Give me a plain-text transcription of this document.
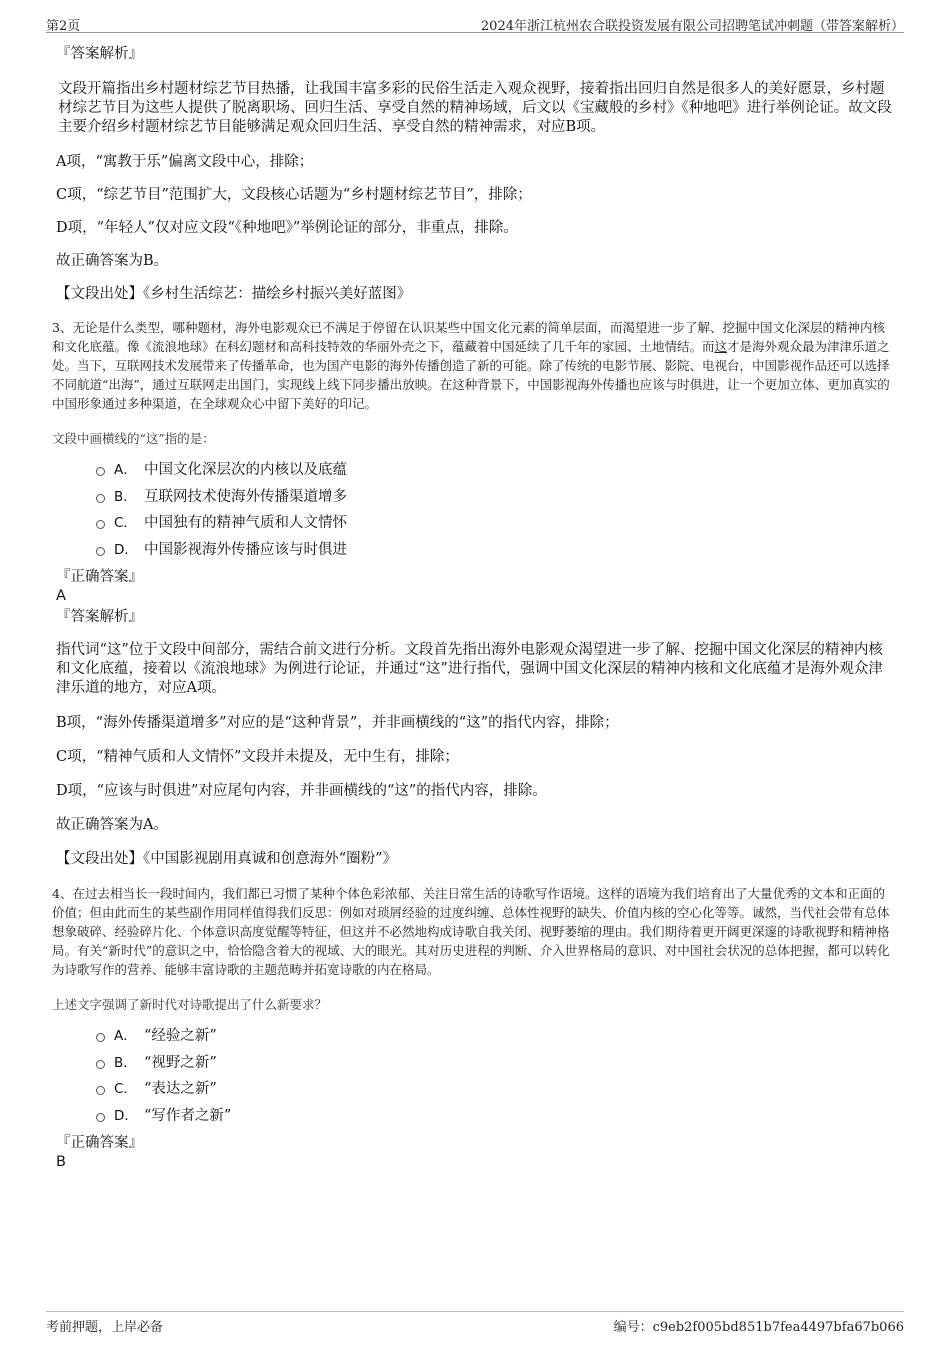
第2页	2024年浙江杭州农合联投资发展有限公司招聘笔试冲刺题（带答案解析）

『答案解析』

文段开篇指出乡村题材综艺节目热播，让我国丰富多彩的民俗生活走入观众视野，接着指出回归自然是很多人的美好愿景，乡村题材综艺节目为这些人提供了脱离职场、回归生活、享受自然的精神场域，后文以《宝藏般的乡村》《种地吧》进行举例论证。故文段主要介绍乡村题材综艺节目能够满足观众回归生活、享受自然的精神需求，对应B项。

A项，“寓教于乐”偏离文段中心，排除；

C项，“综艺节目”范围扩大，文段核心话题为“乡村题材综艺节目”，排除；

D项，“年轻人”仅对应文段“《种地吧》”举例论证的部分，非重点，排除。

故正确答案为B。

【文段出处】《乡村生活综艺：描绘乡村振兴美好蓝图》

3、无论是什么类型，哪种题材，海外电影观众已不满足于停留在认识某些中国文化元素的简单层面，而渴望进一步了解、挖掘中国文化深层的精神内核和文化底蕴。像《流浪地球》在科幻题材和高科技特效的华丽外壳之下，蕴藏着中国延续了几千年的家园、土地情结。而这才是海外观众最为津津乐道之处。当下，互联网技术发展带来了传播革命，也为国产电影的海外传播创造了新的可能。除了传统的电影节展、影院、电视台，中国影视作品还可以选择不同航道“出海”，通过互联网走出国门，实现线上线下同步播出放映。在这种背景下，中国影视海外传播也应该与时俱进，让一个更加立体、更加真实的中国形象通过多种渠道，在全球观众心中留下美好的印记。

文段中画横线的“这”指的是：

A． 中国文化深层次的内核以及底蕴
B． 互联网技术使海外传播渠道增多
C． 中国独有的精神气质和人文情怀
D． 中国影视海外传播应该与时俱进

『正确答案』

A

『答案解析』

指代词“这”位于文段中间部分，需结合前文进行分析。文段首先指出海外电影观众渴望进一步了解、挖掘中国文化深层的精神内核和文化底蕴，接着以《流浪地球》为例进行论证，并通过“这”进行指代，强调中国文化深层的精神内核和文化底蕴才是海外观众津津乐道的地方，对应A项。

B项，“海外传播渠道增多”对应的是“这种背景”，并非画横线的“这”的指代内容，排除；

C项，“精神气质和人文情怀”文段并未提及，无中生有，排除；

D项，“应该与时俱进”对应尾句内容，并非画横线的“这”的指代内容，排除。

故正确答案为A。

【文段出处】《中国影视剧用真诚和创意海外“圈粉”》

4、在过去相当长一段时间内，我们都已习惯了某种个体色彩浓郁、关注日常生活的诗歌写作语境。这样的语境为我们培育出了大量优秀的文本和正面的价值；但由此而生的某些副作用同样值得我们反思：例如对琐屑经验的过度纠缠、总体性视野的缺失、价值内核的空心化等等。诚然，当代社会带有总体想象破碎、经验碎片化、个体意识高度觉醒等特征，但这并不必然地构成诗歌自我关闭、视野萎缩的理由。我们期待着更开阔更深邃的诗歌视野和精神格局。有关“新时代”的意识之中，恰恰隐含着大的视域、大的眼光。其对历史进程的判断、介入世界格局的意识、对中国社会状况的总体把握，都可以转化为诗歌写作的营养、能够丰富诗歌的主题范畴并拓宽诗歌的内在格局。

上述文字强调了新时代对诗歌提出了什么新要求？

A． “经验之新”
B． “视野之新”
C． “表达之新”
D． “写作者之新”

『正确答案』

B

考前押题，上岸必备	编号：c9eb2f005bd851b7fea4497bfa67b066
